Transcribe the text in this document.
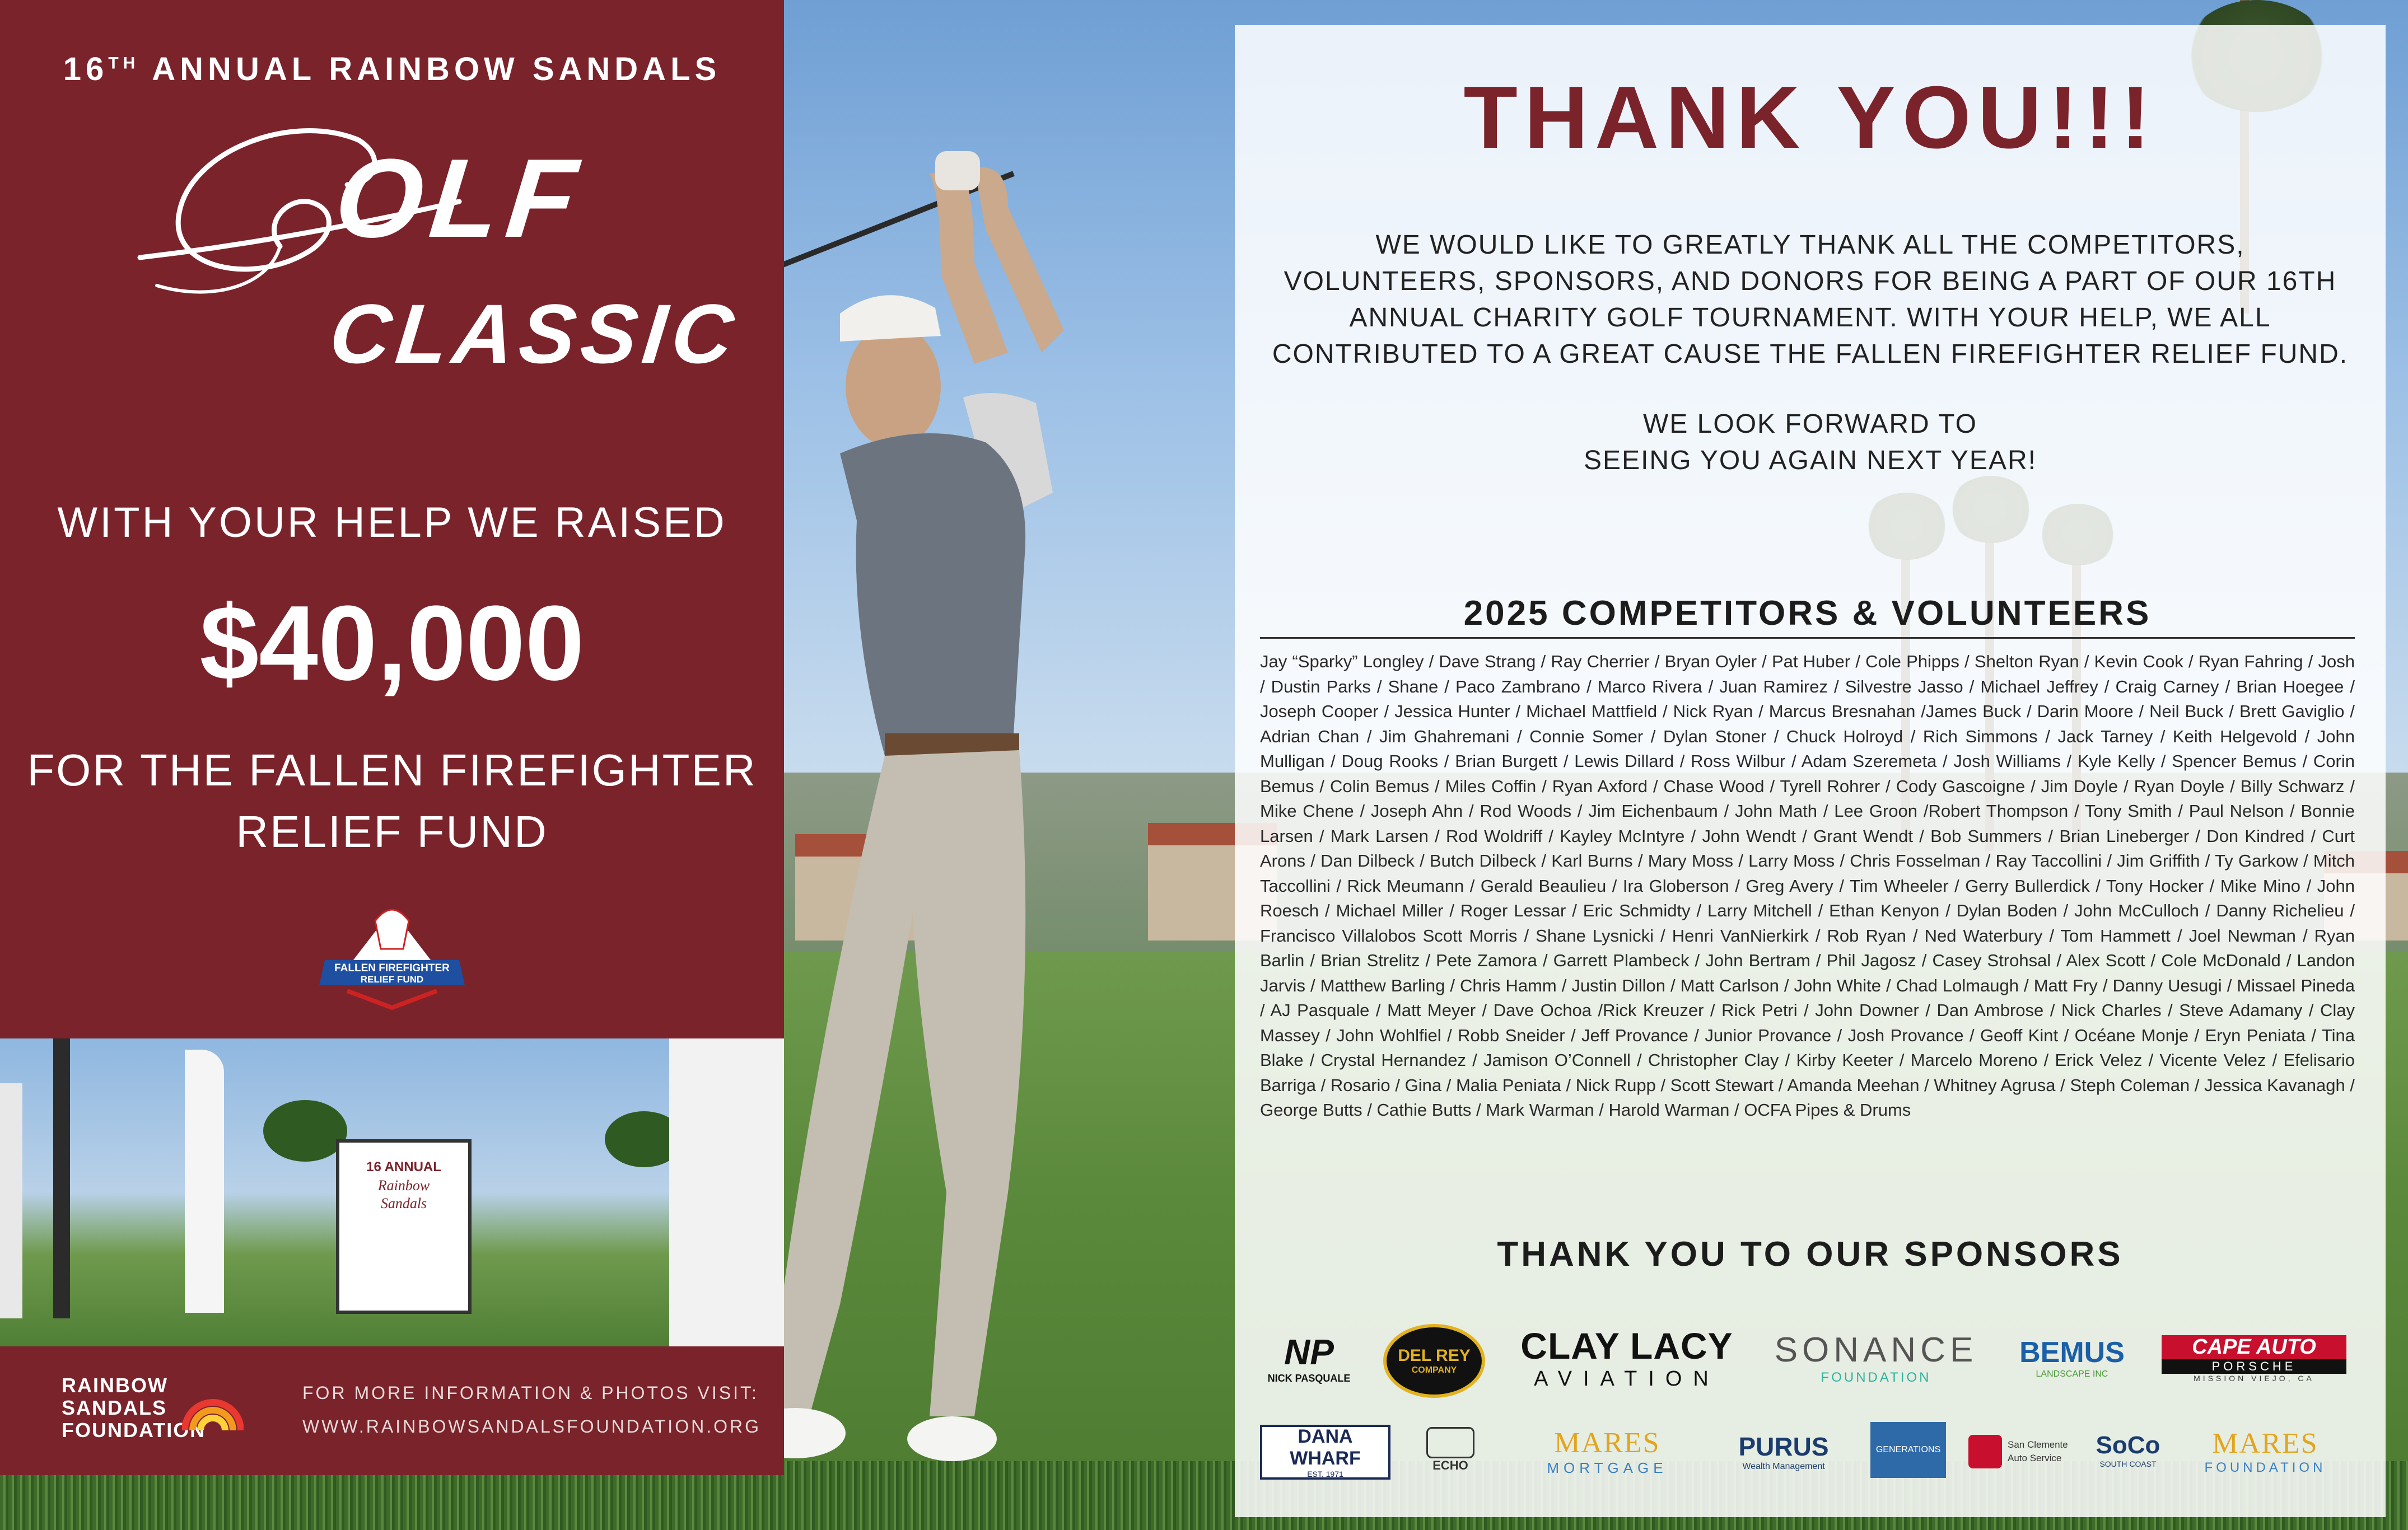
16TH ANNUAL RAINBOW SANDALS
OLF
CLASSIC
WITH YOUR HELP WE RAISED
$40,000
FOR THE FALLEN FIREFIGHTER
RELIEF FUND
FALLEN FIREFIGHTER
RELIEF FUND
16 ANNUAL
Rainbow
Sandals
RAINBOW
SANDALS
FOUNDATION
FOR MORE INFORMATION & PHOTOS VISIT:
WWW.RAINBOWSANDALSFOUNDATION.ORG
THANK YOU!!!
WE WOULD LIKE TO GREATLY THANK ALL THE COMPETITORS, VOLUNTEERS, SPONSORS, AND DONORS FOR BEING A PART OF OUR 16TH ANNUAL CHARITY GOLF TOURNAMENT. WITH YOUR HELP, WE ALL CONTRIBUTED TO A GREAT CAUSE THE FALLEN FIREFIGHTER RELIEF FUND.
WE LOOK FORWARD TO
SEEING YOU AGAIN NEXT YEAR!
2025 COMPETITORS & VOLUNTEERS
Jay “Sparky” Longley / Dave Strang / Ray Cherrier / Bryan Oyler / Pat Huber / Cole Phipps / Shelton Ryan / Kevin Cook / Ryan Fahring / Josh / Dustin Parks / Shane / Paco Zambrano / Marco Rivera / Juan Ramirez / Silvestre Jasso / Michael Jeffrey / Craig Carney / Brian Hoegee / Joseph Cooper / Jessica Hunter / Michael Mattfield / Nick Ryan / Marcus Bresnahan /James Buck / Darin Moore / Neil Buck / Brett Gaviglio / Adrian Chan / Jim Ghahremani / Connie Somer / Dylan Stoner / Chuck Holroyd / Rich Simmons / Jack Tarney / Keith Helgevold / John Mulligan / Doug Rooks / Brian Burgett / Lewis Dillard / Ross Wilbur / Adam Szeremeta / Josh Williams / Kyle Kelly / Spencer Bemus / Corin Bemus / Colin Bemus / Miles Coffin / Ryan Axford / Chase Wood / Tyrell Rohrer / Cody Gascoigne / Jim Doyle / Ryan Doyle / Billy Schwarz / Mike Chene / Joseph Ahn / Rod Woods / Jim Eichenbaum / John Math / Lee Groon /Robert Thompson / Tony Smith / Paul Nelson / Bonnie Larsen / Mark Larsen / Rod Woldriff / Kayley McIntyre / John Wendt / Grant Wendt / Bob Summers / Brian Lineberger / Don Kindred / Curt Arons / Dan Dilbeck / Butch Dilbeck / Karl Burns / Mary Moss / Larry Moss / Chris Fosselman / Ray Taccollini / Jim Griffith / Ty Garkow / Mitch Taccollini / Rick Meumann / Gerald Beaulieu / Ira Globerson / Greg Avery / Tim Wheeler / Gerry Bullerdick / Tony Hocker / Mike Mino / John Roesch / Michael Miller / Roger Lessar / Eric Schmidty / Larry Mitchell / Ethan Kenyon / Dylan Boden / John McCulloch / Danny Richelieu / Francisco Villalobos Scott Morris / Shane Lysnicki / Henri VanNierkirk / Rob Ryan / Ned Waterbury / Tom Hammett / Joel Newman / Ryan Barlin / Brian Strelitz / Pete Zamora / Garrett Plambeck / John Bertram / Phil Jagosz / Casey Strohsal / Alex Scott / Cole McDonald / Landon Jarvis / Matthew Barling / Chris Hamm / Justin Dillon / Matt Carlson / John White / Chad Lolmaugh / Matt Fry / Danny Uesugi / Missael Pineda / AJ Pasquale / Matt Meyer / Dave Ochoa /Rick Kreuzer / Rick Petri / John Downer / Dan Ambrose / Nick Charles / Steve Adamany / Clay Massey / John Wohlfiel / Robb Sneider / Jeff Provance / Junior Provance / Josh Provance / Geoff Kint / Océane Monje / Eryn Peniata / Tina Blake / Crystal Hernandez / Jamison O’Connell / Christopher Clay / Kirby Keeter / Marcelo Moreno / Erick Velez / Vicente Velez / Efelisario Barriga / Rosario / Gina / Malia Peniata / Nick Rupp / Scott Stewart / Amanda Meehan / Whitney Agrusa / Steph Coleman / Jessica Kavanagh / George Butts / Cathie Butts / Mark Warman / Harold Warman / OCFA Pipes & Drums
THANK YOU TO OUR SPONSORS
NP
NICK PASQUALE
DEL REY
COMPANY
CLAY LACY
AVIATION
SONANCE
FOUNDATION
BEMUS
LANDSCAPE INC
CAPE AUTO
PORSCHE
MISSION VIEJO, CA
DANA WHARF
EST. 1971
ECHO
MARES
MORTGAGE
PURUS
Wealth Management
GENERATIONS	San Clemente Auto Service	SoCo
SOUTH COAST
MARES
FOUNDATION
